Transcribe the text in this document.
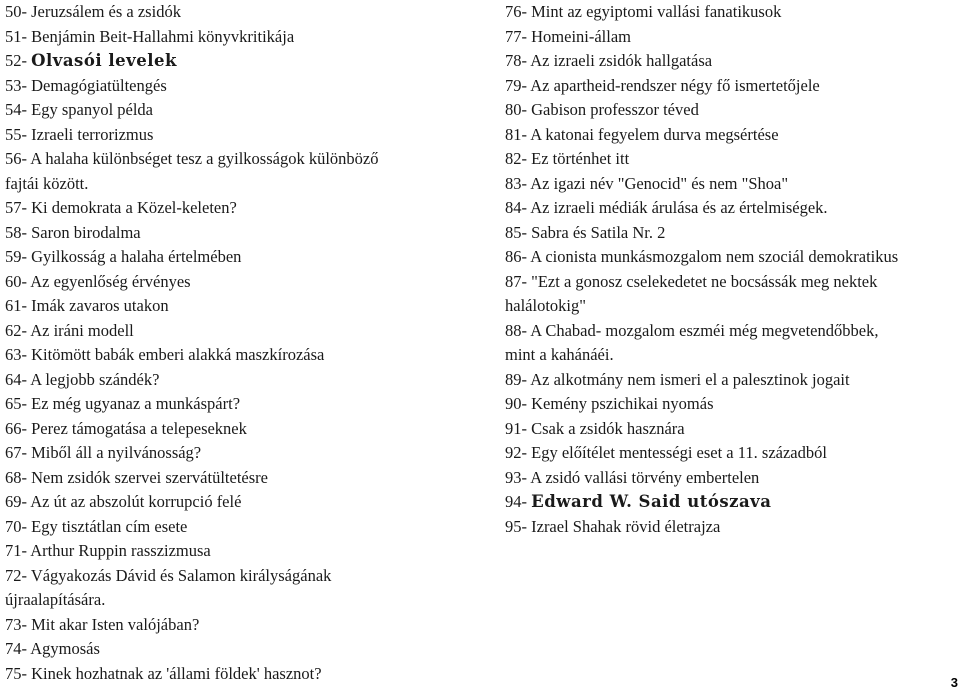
50- Jeruzsálem és a zsidók
51- Benjámin Beit-Hallahmi könyvkritikája
52- Olvasói levelek
53- Demagógiatültengés
54- Egy spanyol példa
55- Izraeli terrorizmus
56- A halaha különbséget tesz a gyilkosságok különböző
fajtái között.
57- Ki demokrata a Közel-keleten?
58- Saron birodalma
59- Gyilkosság a halaha értelmében
60- Az egyenlőség érvényes
61- Imák zavaros utakon
62- Az iráni modell
63- Kitömött babák emberi alakká maszkírozása
64- A legjobb szándék?
65- Ez még ugyanaz a munkáspárt?
66- Perez támogatása a telepeseknek
67- Miből áll a nyilvánosság?
68- Nem zsidók szervei szervátültetésre
69- Az út az abszolút korrupció felé
70- Egy tisztátlan cím esete
71- Arthur Ruppin rasszizmusa
72- Vágyakozás Dávid és Salamon királyságának
újraalapítására.
73- Mit akar Isten valójában?
74- Agymosás
75- Kinek hozhatnak az 'állami földek' hasznot?
76- Mint az egyiptomi vallási fanatikusok
77- Homeini-állam
78- Az izraeli zsidók hallgatása
79- Az apartheid-rendszer négy fő ismertetőjele
80- Gabison professzor téved
81- A katonai fegyelem durva megsértése
82- Ez történhet itt
83- Az igazi név "Genocid" és nem "Shoa"
84- Az izraeli médiák árulása és az értelmiségek.
85- Sabra és Satila Nr. 2
86- A cionista munkásmozgalom nem szociál demokratikus
87- "Ezt a gonosz cselekedetet ne bocsássák meg nektek
halálotokig"
88- A Chabad- mozgalom eszméi még megvetendőbbek,
mint a kahánáéi.
89- Az alkotmány nem ismeri el a palesztinok jogait
90- Kemény pszichikai nyomás
91- Csak a zsidók hasznára
92- Egy előítélet mentességi eset a 11. századból
93- A zsidó vallási törvény embertelen
94- Edward W. Said utószava
95- Izrael Shahak rövid életrajza
3
